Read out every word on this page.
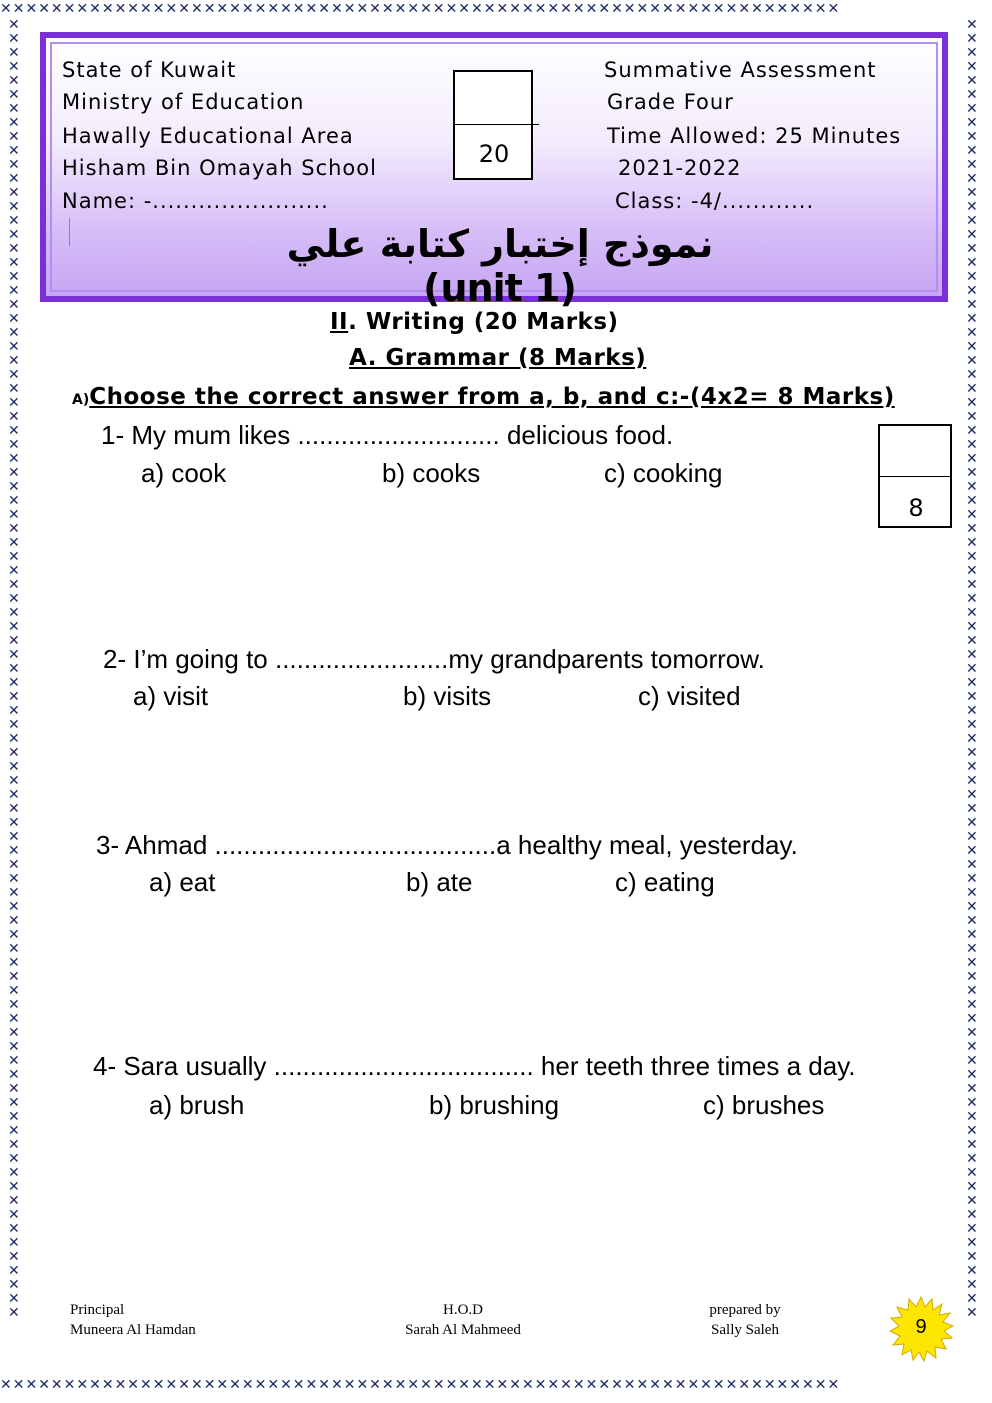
✕✕✕✕✕✕✕✕✕✕✕✕✕✕✕✕✕✕✕✕✕✕✕✕✕✕✕✕✕✕✕✕✕✕✕✕✕✕✕✕✕✕✕✕✕✕✕✕✕✕✕✕✕✕✕✕✕✕✕✕✕✕✕✕✕✕
✕✕✕✕✕✕✕✕✕✕✕✕✕✕✕✕✕✕✕✕✕✕✕✕✕✕✕✕✕✕✕✕✕✕✕✕✕✕✕✕✕✕✕✕✕✕✕✕✕✕✕✕✕✕✕✕✕✕✕✕✕✕✕✕✕✕
✕✕✕✕✕✕✕✕✕✕✕✕✕✕✕✕✕✕✕✕✕✕✕✕✕✕✕✕✕✕✕✕✕✕✕✕✕✕✕✕✕✕✕✕✕✕✕✕✕✕✕✕✕✕✕✕✕✕✕✕✕✕✕✕✕✕✕✕✕✕✕✕✕✕✕✕✕✕✕✕✕✕✕✕✕✕✕✕✕✕✕✕✕
✕✕✕✕✕✕✕✕✕✕✕✕✕✕✕✕✕✕✕✕✕✕✕✕✕✕✕✕✕✕✕✕✕✕✕✕✕✕✕✕✕✕✕✕✕✕✕✕✕✕✕✕✕✕✕✕✕✕✕✕✕✕✕✕✕✕✕✕✕✕✕✕✕✕✕✕✕✕✕✕✕✕✕✕✕✕✕✕✕✕✕✕✕
State of Kuwait
Ministry of Education
Hawally Educational Area
Hisham Bin Omayah School
Name: -.......................
Summative Assessment
Grade Four
Time Allowed: 25 Minutes
2021-2022
Class: -4/............
20
نموذج إختبار كتابة علي (unit 1)
II. Writing (20 Marks)
A. Grammar (8 Marks)
A)Choose the correct answer from a, b, and c:-(4x2= 8 Marks)
8
1- My mum likes ............................ delicious food.
a) cook	b) cooks	c) cooking
2- I’m going to ........................my grandparents tomorrow.
a) visit	b) visits	c) visited
3- Ahmad .......................................a healthy meal, yesterday.
a) eat	b) ate	c) eating
4- Sara usually .................................... her teeth three times a day.
a) brush	b) brushing	c) brushes
Principal
Muneera Al Hamdan
H.O.D
Sarah Al Mahmeed
prepared by
Sally Saleh	9
